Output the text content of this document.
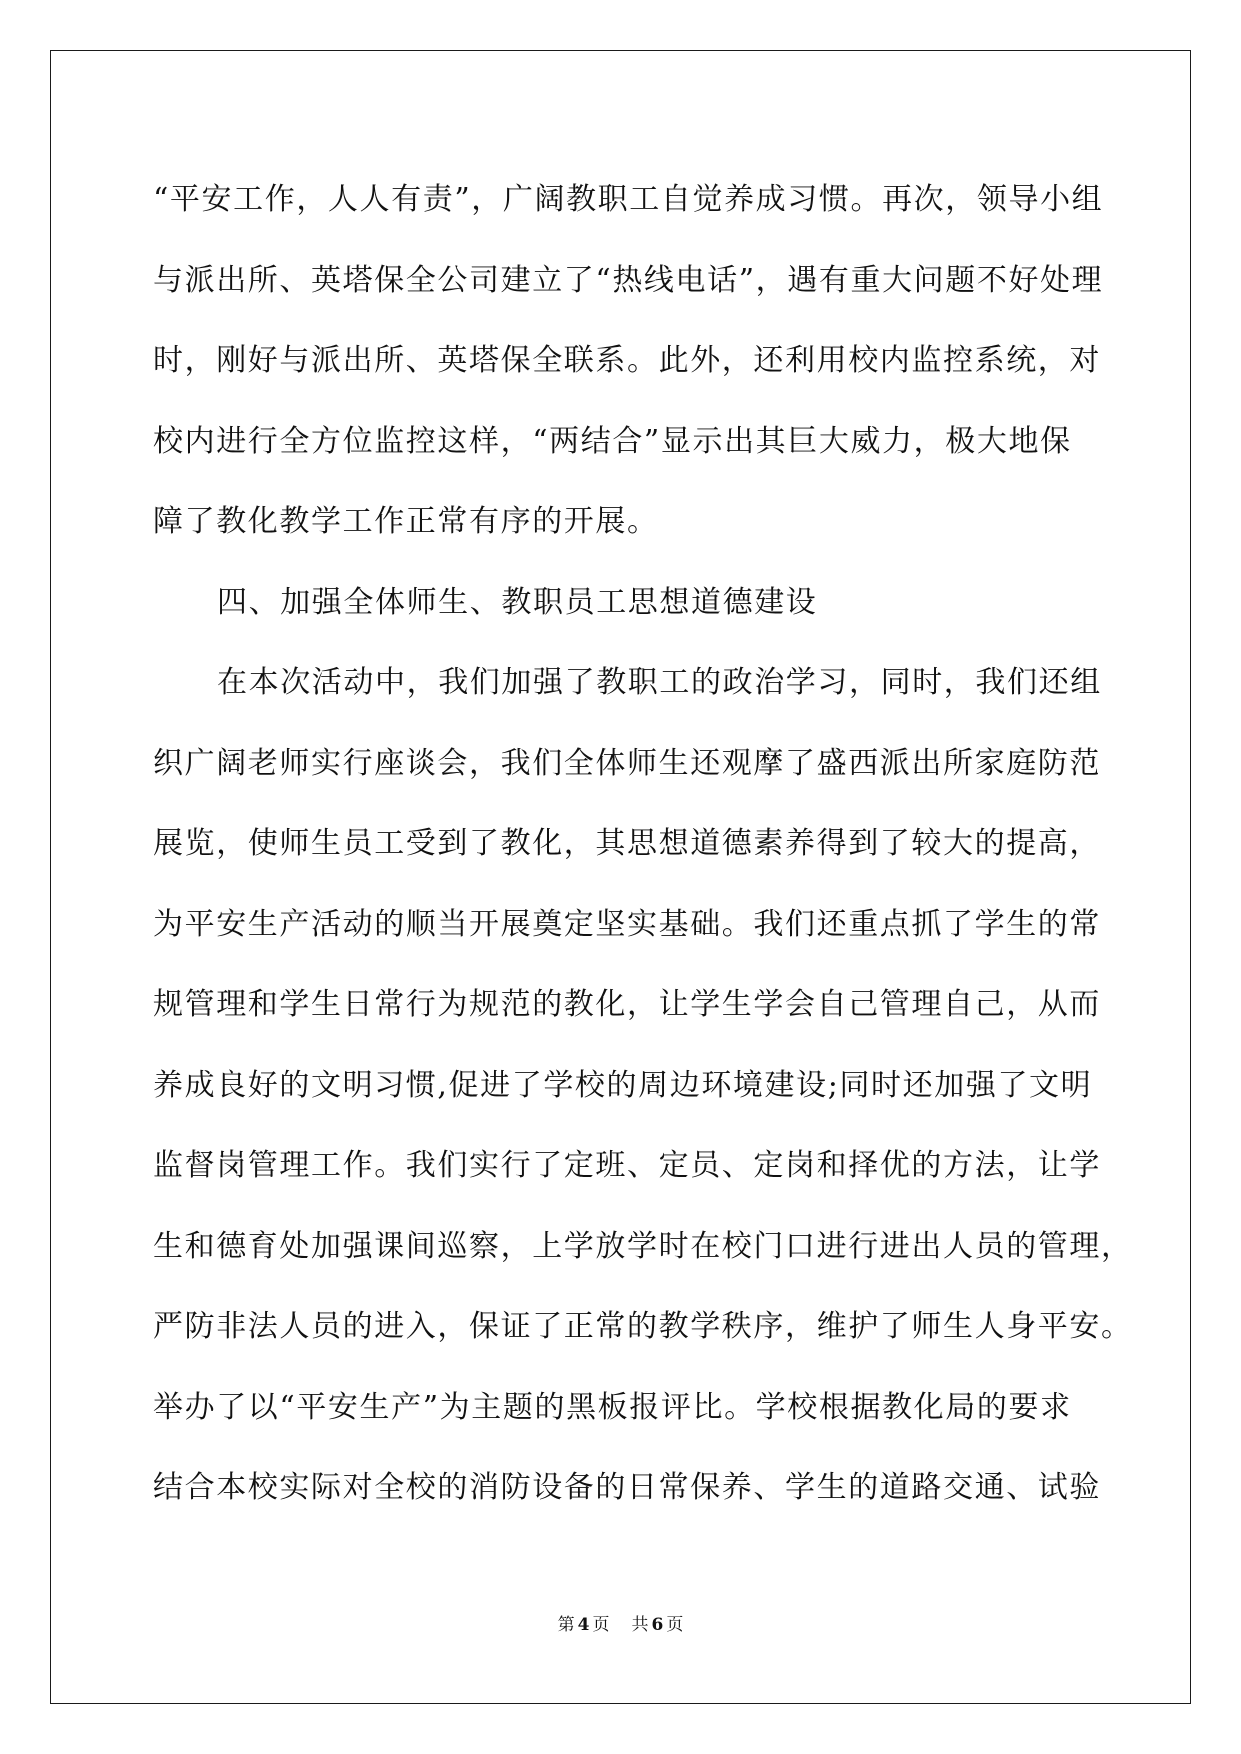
“平安工作，人人有责”，广阔教职工自觉养成习惯。再次，领导小组
与派出所、英塔保全公司建立了“热线电话”，遇有重大问题不好处理
时，刚好与派出所、英塔保全联系。此外，还利用校内监控系统，对
校内进行全方位监控这样，“两结合”显示出其巨大威力，极大地保
障了教化教学工作正常有序的开展。
四、加强全体师生、教职员工思想道德建设
在本次活动中，我们加强了教职工的政治学习，同时，我们还组
织广阔老师实行座谈会，我们全体师生还观摩了盛西派出所家庭防范
展览，使师生员工受到了教化，其思想道德素养得到了较大的提高，
为平安生产活动的顺当开展奠定坚实基础。我们还重点抓了学生的常
规管理和学生日常行为规范的教化，让学生学会自己管理自己，从而
养成良好的文明习惯,促进了学校的周边环境建设;同时还加强了文明
监督岗管理工作。我们实行了定班、定员、定岗和择优的方法，让学
生和德育处加强课间巡察，上学放学时在校门口进行进出人员的管理，
严防非法人员的进入，保证了正常的教学秩序，维护了师生人身平安。
举办了以“平安生产”为主题的黑板报评比。学校根据教化局的要求
结合本校实际对全校的消防设备的日常保养、学生的道路交通、试验
第 4 页 共 6 页
